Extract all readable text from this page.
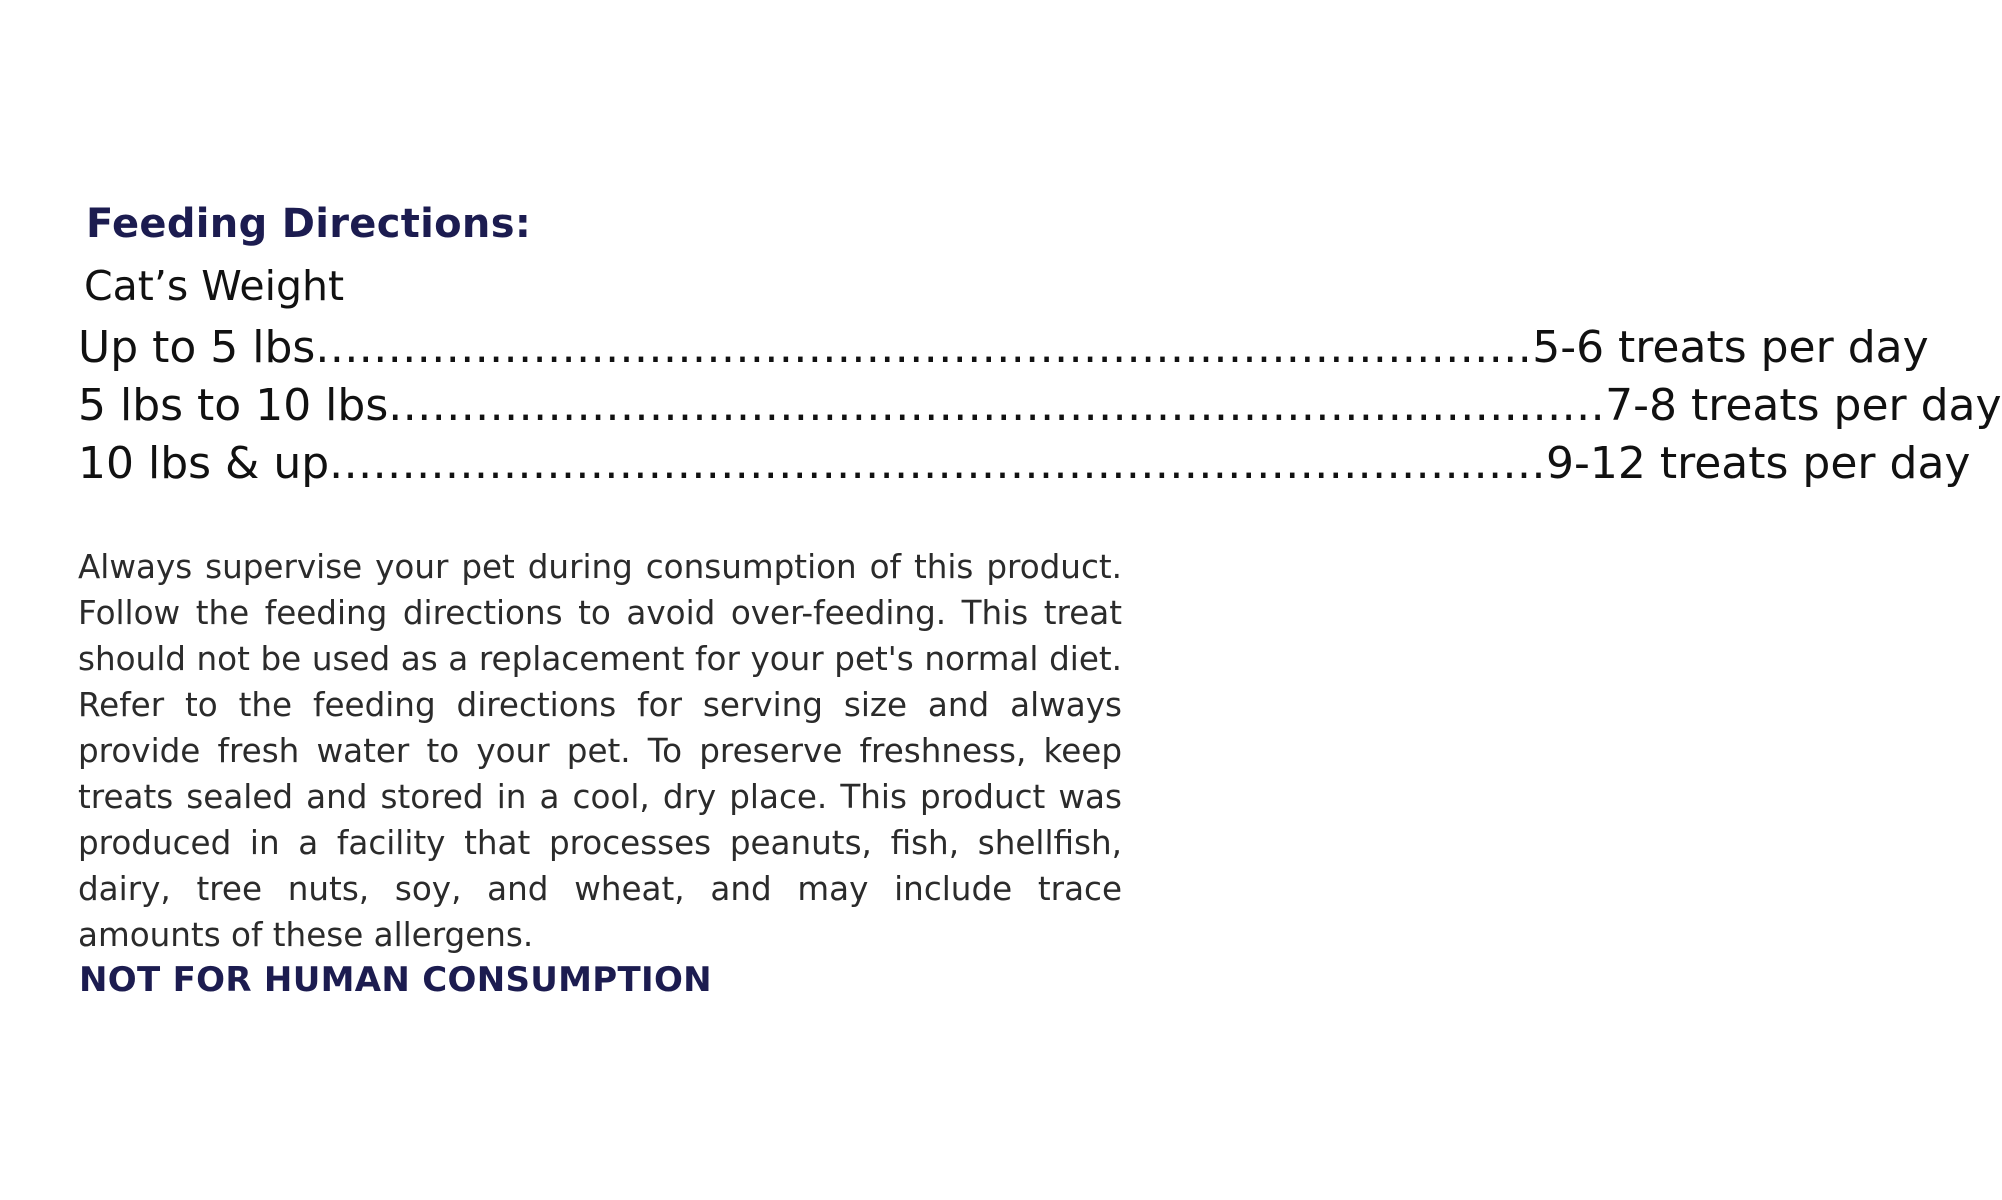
Feeding Directions:
Cat’s Weight
Up to 5 lbs .................................................................................... 5-6 treats per day
5 lbs to 10 lbs .................................................................................... 7-8 treats per day
10 lbs & up .................................................................................... 9-12 treats per day

Always supervise your pet during consumption of this product. Follow the feeding directions to avoid over-feeding. This treat should not be used as a replacement for your pet's normal diet. Refer to the feeding directions for serving size and always provide fresh water to your pet. To preserve freshness, keep treats sealed and stored in a cool, dry place. This product was produced in a facility that processes peanuts, fish, shellfish, dairy, tree nuts, soy, and wheat, and may include trace amounts of these allergens.

NOT FOR HUMAN CONSUMPTION
